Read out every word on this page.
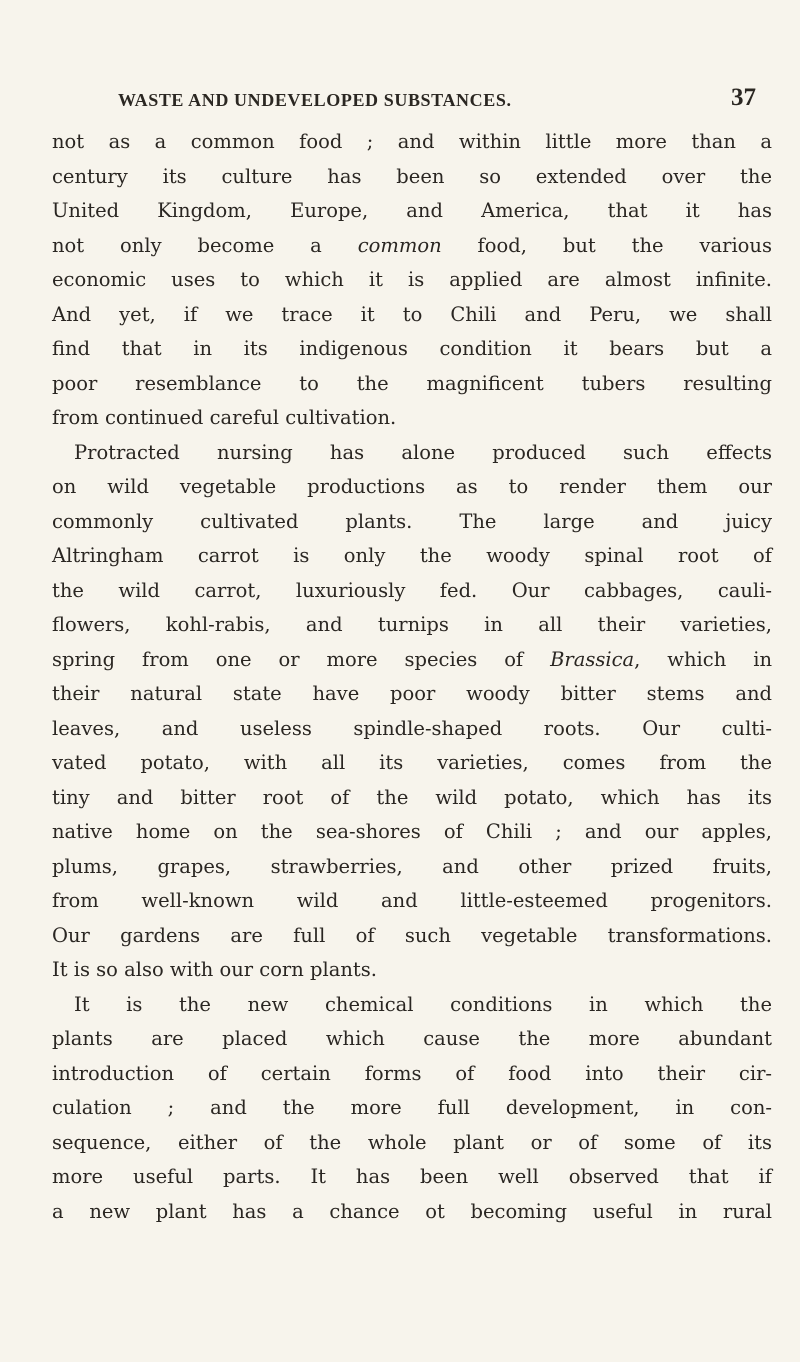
WASTE AND UNDEVELOPED SUBSTANCES.	37
not as a common food ; and within little more than a
century its culture has been so extended over the
United Kingdom, Europe, and America, that it has
not only become a common food, but the various
economic uses to which it is applied are almost infinite.
And yet, if we trace it to Chili and Peru, we shall
find that in its indigenous condition it bears but a
poor resemblance to the magnificent tubers resulting
from continued careful cultivation.
Protracted nursing has alone produced such effects
on wild vegetable productions as to render them our
commonly cultivated plants. The large and juicy
Altringham carrot is only the woody spinal root of
the wild carrot, luxuriously fed. Our cabbages, cauli-
flowers, kohl-rabis, and turnips in all their varieties,
spring from one or more species of Brassica, which in
their natural state have poor woody bitter stems and
leaves, and useless spindle-shaped roots. Our culti-
vated potato, with all its varieties, comes from the
tiny and bitter root of the wild potato, which has its
native home on the sea-shores of Chili ; and our apples,
plums, grapes, strawberries, and other prized fruits,
from well-known wild and little-esteemed progenitors.
Our gardens are full of such vegetable transformations.
It is so also with our corn plants.
It is the new chemical conditions in which the
plants are placed which cause the more abundant
introduction of certain forms of food into their cir-
culation ; and the more full development, in con-
sequence, either of the whole plant or of some of its
more useful parts. It has been well observed that if
a new plant has a chance ot becoming useful in rural
